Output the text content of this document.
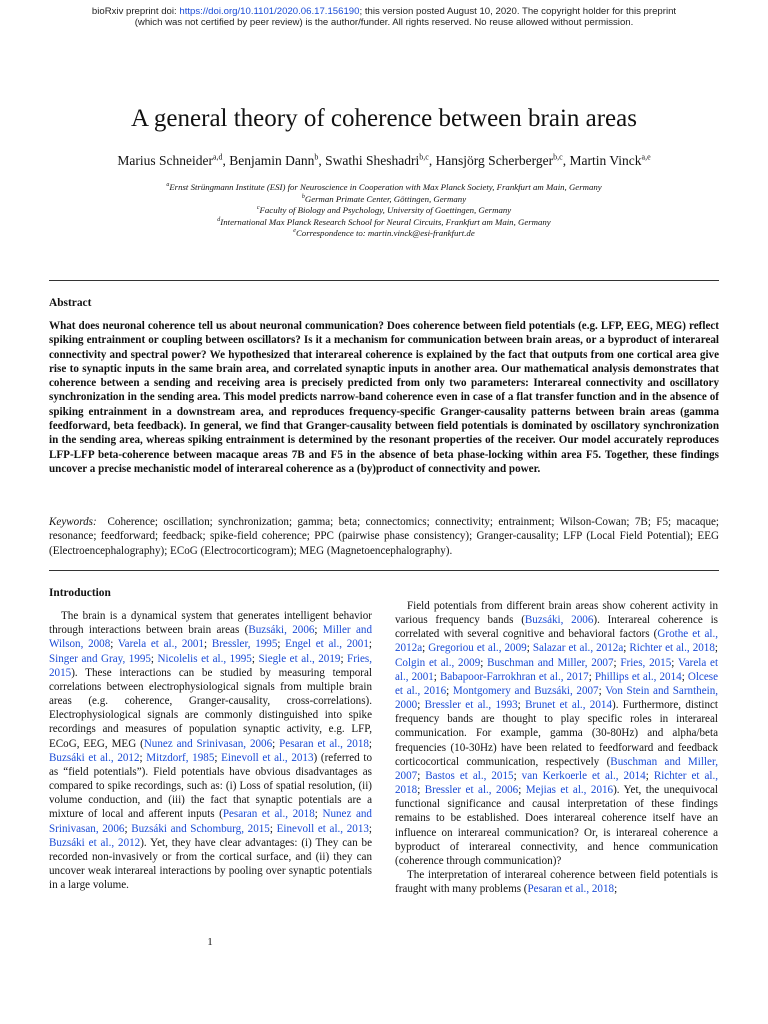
bioRxiv preprint doi: https://doi.org/10.1101/2020.06.17.156190; this version posted August 10, 2020. The copyright holder for this preprint
(which was not certified by peer review) is the author/funder. All rights reserved. No reuse allowed without permission.
A general theory of coherence between brain areas
Marius Schneider$^{a,d}$, Benjamin Dann$^b$, Swathi Sheshadri$^{b,c}$, Hansjörg Scherberger$^{b,c}$, Martin Vinck$^{a,e}$
$^a$Ernst Strüngmann Institute (ESI) for Neuroscience in Cooperation with Max Planck Society, Frankfurt am Main, Germany
$^b$German Primate Center, Göttingen, Germany
$^c$Faculty of Biology and Psychology, University of Goettingen, Germany
$^d$International Max Planck Research School for Neural Circuits, Frankfurt am Main, Germany
$^e$Correspondence to: martin.vinck@esi-frankfurt.de
Abstract
What does neuronal coherence tell us about neuronal communication? Does coherence between field potentials (e.g. LFP, EEG, MEG) reflect spiking entrainment or coupling between oscillators? Is it a mechanism for communication between brain areas, or a byproduct of interareal connectivity and spectral power? We hypothesized that interareal coherence is explained by the fact that outputs from one cortical area give rise to synaptic inputs in the same brain area, and correlated synaptic inputs in another area. Our mathematical analysis demonstrates that coherence between a sending and receiving area is precisely predicted from only two parameters: Interareal connectivity and oscillatory synchronization in the sending area. This model predicts narrow-band coherence even in case of a flat transfer function and in the absence of spiking entrainment in a downstream area, and reproduces frequency-specific Granger-causality patterns between brain areas (gamma feedforward, beta feedback). In general, we find that Granger-causality between field potentials is dominated by oscillatory synchronization in the sending area, whereas spiking entrainment is determined by the resonant properties of the receiver. Our model accurately reproduces LFP-LFP beta-coherence between macaque areas 7B and F5 in the absence of beta phase-locking within area F5. Together, these findings uncover a precise mechanistic model of interareal coherence as a (by)product of connectivity and power.
Keywords: Coherence; oscillation; synchronization; gamma; beta; connectomics; connectivity; entrainment; Wilson-Cowan; 7B; F5; macaque; resonance; feedforward; feedback; spike-field coherence; PPC (pairwise phase consistency); Granger-causality; LFP (Local Field Potential); EEG (Electroencephalography); ECoG (Electrocorticogram); MEG (Magnetoencephalography).
Introduction

The brain is a dynamical system that generates intelligent behavior through interactions between brain areas (Buzsáki, 2006; Miller and Wilson, 2008; Varela et al., 2001; Bressler, 1995; Engel et al., 2001; Singer and Gray, 1995; Nicolelis et al., 1995; Siegle et al., 2019; Fries, 2015). These interactions can be studied by measuring temporal correlations between electrophysiological signals from multiple brain areas (e.g. coherence, Granger-causality, cross-correlations). Electrophysiological signals are commonly distinguished into spike recordings and measures of population synaptic activity, e.g. LFP, ECoG, EEG, MEG (Nunez and Srinivasan, 2006; Pesaran et al., 2018; Buzsáki et al., 2012; Mitzdorf, 1985; Einevoll et al., 2013) (referred to as “field potentials”). Field potentials have obvious disadvantages as compared to spike recordings, such as: (i) Loss of spatial resolution, (ii) volume conduction, and (iii) the fact that synaptic potentials are a mixture of local and afferent inputs (Pesaran et al., 2018; Nunez and Srinivasan, 2006; Buzsáki and Schomburg, 2015; Einevoll et al., 2013; Buzsáki et al., 2012). Yet, they have clear advantages: (i) They can be recorded non-invasively or from the cortical surface, and (ii) they can uncover weak interareal interactions by pooling over synaptic potentials in a large volume.

Field potentials from different brain areas show coherent activity in various frequency bands (Buzsáki, 2006). Interareal coherence is correlated with several cognitive and behavioral factors (Grothe et al., 2012a; Gregoriou et al., 2009; Salazar et al., 2012a; Richter et al., 2018; Colgin et al., 2009; Buschman and Miller, 2007; Fries, 2015; Varela et al., 2001; Babapoor-Farrokhran et al., 2017; Phillips et al., 2014; Olcese et al., 2016; Montgomery and Buzsáki, 2007; Von Stein and Sarnthein, 2000; Bressler et al., 1993; Brunet et al., 2014). Furthermore, distinct frequency bands are thought to play specific roles in interareal communication. For example, gamma (30-80Hz) and alpha/beta frequencies (10-30Hz) have been related to feedforward and feedback corticocortical communication, respectively (Buschman and Miller, 2007; Bastos et al., 2015; van Kerkoerle et al., 2014; Richter et al., 2018; Bressler et al., 2006; Mejias et al., 2016). Yet, the unequivocal functional significance and causal interpretation of these findings remains to be established. Does interareal coherence itself have an influence on interareal communication? Or, is interareal coherence a byproduct of interareal connectivity, and hence communication (coherence through communication)?

The interpretation of interareal coherence between field potentials is fraught with many problems (Pesaran et al., 2018;

1
